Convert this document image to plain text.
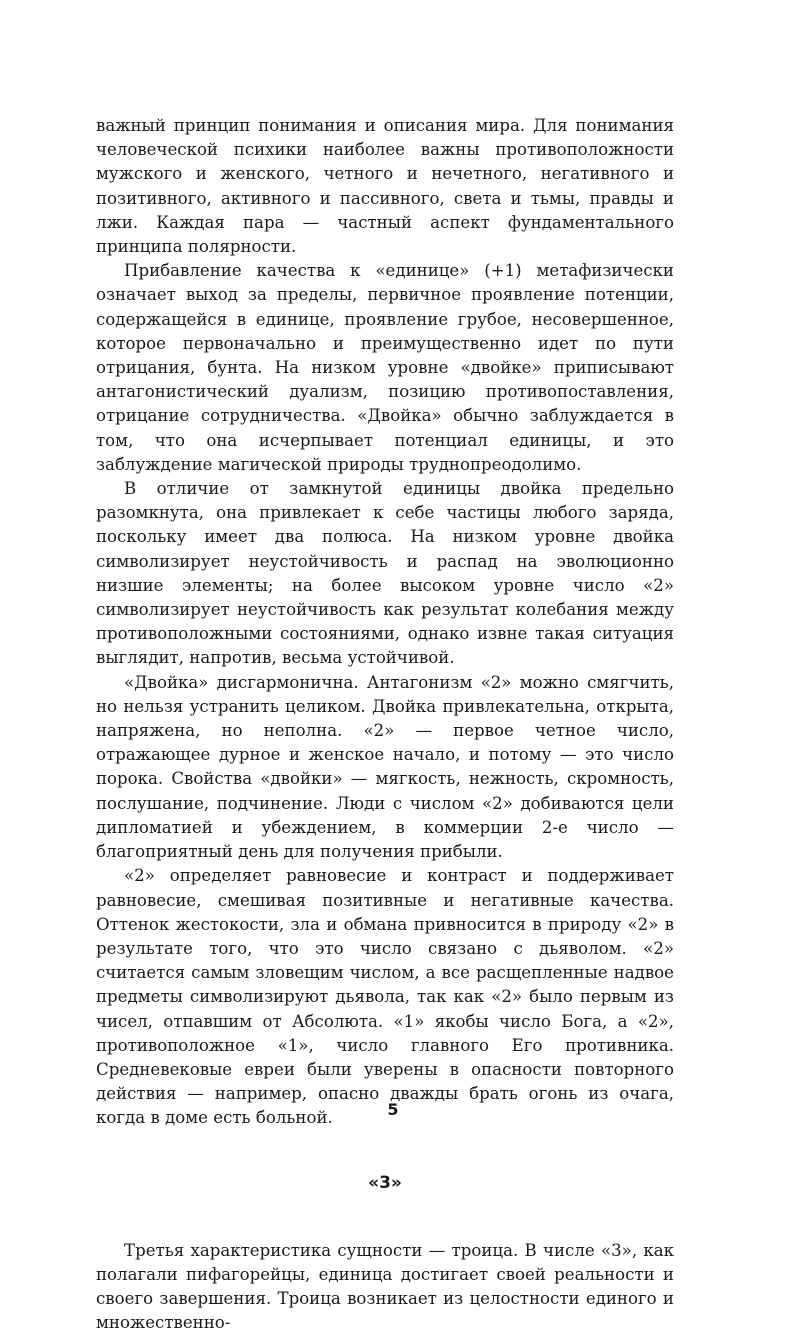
важный принцип понимания и описания мира. Для понимания человеческой психики наиболее важны противоположности мужского и женского, четного и нечетного, негативного и позитивного, активного и пассивного, света и тьмы, правды и лжи. Каждая пара — частный аспект фундаментального принципа полярности.

Прибавление качества к «единице» (+1) метафизически означает выход за пределы, первичное проявление потенции, содержащейся в единице, проявление грубое, несовершенное, которое первоначально и преимущественно идет по пути отрицания, бунта. На низком уровне «двойке» приписывают антагонистический дуализм, позицию противопоставления, отрицание сотрудничества. «Двойка» обычно заблуждается в том, что она исчерпывает потенциал единицы, и это заблуждение магической природы труднопреодолимо.

В отличие от замкнутой единицы двойка предельно разомкнута, она привлекает к себе частицы любого заряда, поскольку имеет два полюса. На низком уровне двойка символизирует неустойчивость и распад на эволюционно низшие элементы; на более высоком уровне число «2» символизирует неустойчивость как результат колебания между противоположными состояниями, однако извне такая ситуация выглядит, напротив, весьма устойчивой.

«Двойка» дисгармонична. Антагонизм «2» можно смягчить, но нельзя устранить целиком. Двойка привлекательна, открыта, напряжена, но неполна. «2» — первое четное число, отражающее дурное и женское начало, и потому — это число порока. Свойства «двойки» — мягкость, нежность, скромность, послушание, подчинение. Люди с числом «2» добиваются цели дипломатией и убеждением, в коммерции 2-е число — благоприятный день для получения прибыли.

«2» определяет равновесие и контраст и поддерживает равновесие, смешивая позитивные и негативные качества. Оттенок жестокости, зла и обмана привносится в природу «2» в результате того, что это число связано с дьяволом. «2» считается самым зловещим числом, а все расщепленные надвое предметы символизируют дьявола, так как «2» было первым из чисел, отпавшим от Абсолюта. «1» якобы число Бога, а «2», противоположное «1», число главного Его противника. Средневековые евреи были уверены в опасности повторного действия — например, опасно дважды брать огонь из очага, когда в доме есть больной.

«3»

Третья характеристика сущности — троица. В числе «3», как полагали пифагорейцы, единица достигает своей реальности и своего завершения. Троица возникает из целостности единого и множественно-

5
